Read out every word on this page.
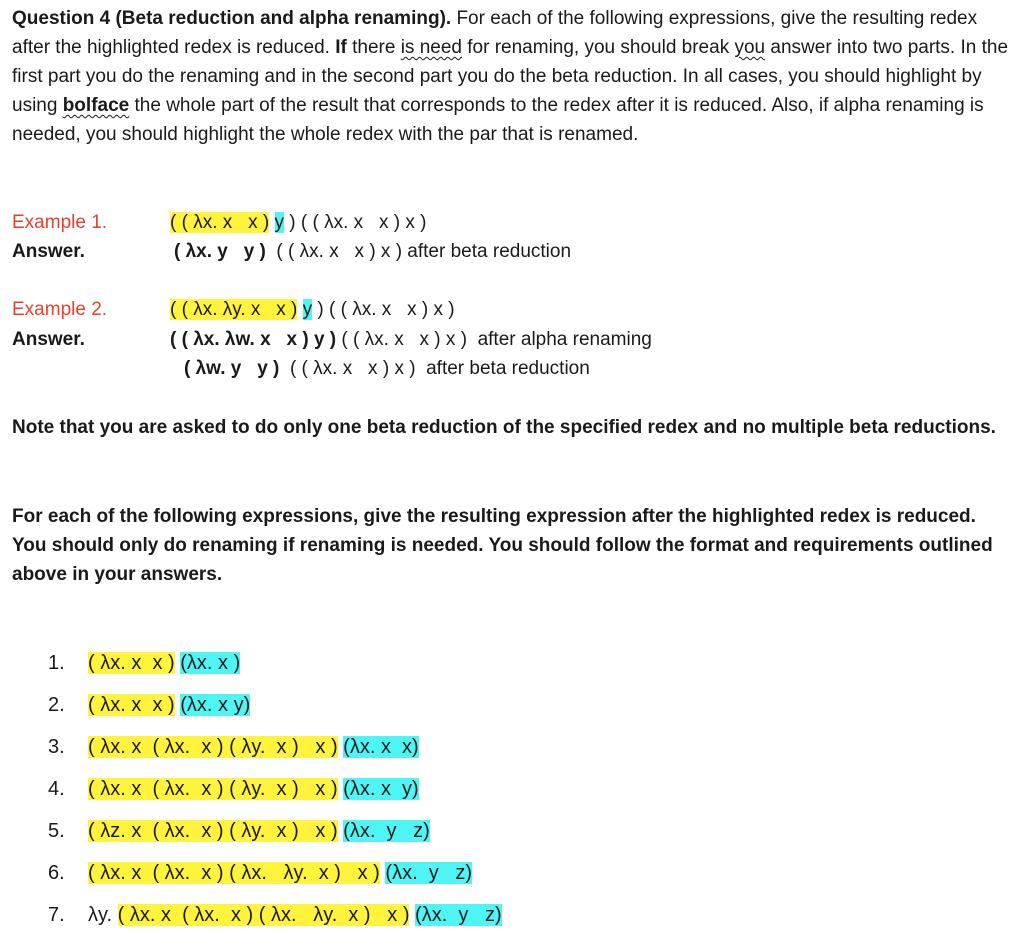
Question 4 (Beta reduction and alpha renaming). For each of the following expressions, give the resulting redex after the highlighted redex is reduced. If there is need for renaming, you should break you answer into two parts. In the first part you do the renaming and in the second part you do the beta reduction. In all cases, you should highlight by using bolface the whole part of the result that corresponds to the redex after it is reduced. Also, if alpha renaming is needed, you should highlight the whole redex with the par that is renamed.
Example 1.	( ( λx. x   x ) y ) ( ( λx. x   x ) x )
Answer.	( λx. y   y )  ( ( λx. x   x ) x ) after beta reduction
Example 2.	( ( λx. λy. x   x ) y ) ( ( λx. x   x ) x )
Answer.	( ( λx. λw. x   x ) y ) ( ( λx. x   x ) x )  after alpha renaming
( λw. y   y )  ( ( λx. x   x ) x )  after beta reduction
Note that you are asked to do only one beta reduction of the specified redex and no multiple beta reductions.
For each of the following expressions, give the resulting expression after the highlighted redex is reduced. You should only do renaming if renaming is needed. You should follow the format and requirements outlined above in your answers.
1. ( λx. x  x ) (λx. x )
2. ( λx. x  x ) (λx. x y)
3. ( λx. x  ( λx.  x ) ( λy.  x )   x ) (λx. x  x)
4. ( λx. x  ( λx.  x ) ( λy.  x )   x ) (λx. x  y)
5. ( λz. x  ( λx.  x ) ( λy.  x )   x ) (λx.  y   z)
6. ( λx. x  ( λx.  x ) ( λx.   λy.  x )   x ) (λx.  y   z)
7. λy. ( λx. x  ( λx.  x ) ( λx.   λy.  x )   x ) (λx.  y   z)
